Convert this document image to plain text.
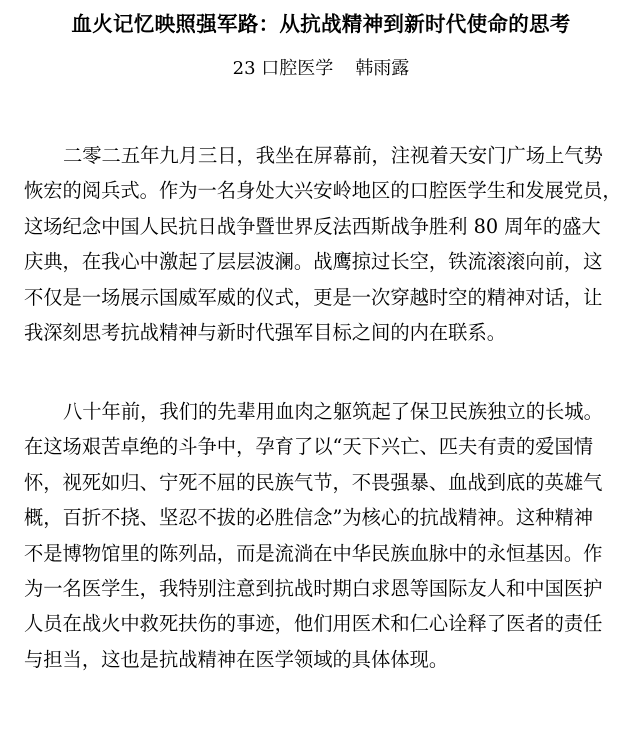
血火记忆映照强军路：从抗战精神到新时代使命的思考
23 口腔医学 韩雨露
二零二五年九月三日，我坐在屏幕前，注视着天安门广场上气势
恢宏的阅兵式。作为一名身处大兴安岭地区的口腔医学生和发展党员，
这场纪念中国人民抗日战争暨世界反法西斯战争胜利 80 周年的盛大
庆典，在我心中激起了层层波澜。战鹰掠过长空，铁流滚滚向前，这
不仅是一场展示国威军威的仪式，更是一次穿越时空的精神对话，让
我深刻思考抗战精神与新时代强军目标之间的内在联系。
八十年前，我们的先辈用血肉之躯筑起了保卫民族独立的长城。
在这场艰苦卓绝的斗争中，孕育了以“天下兴亡、匹夫有责的爱国情
怀，视死如归、宁死不屈的民族气节，不畏强暴、血战到底的英雄气
概，百折不挠、坚忍不拔的必胜信念”为核心的抗战精神。这种精神
不是博物馆里的陈列品，而是流淌在中华民族血脉中的永恒基因。作
为一名医学生，我特别注意到抗战时期白求恩等国际友人和中国医护
人员在战火中救死扶伤的事迹，他们用医术和仁心诠释了医者的责任
与担当，这也是抗战精神在医学领域的具体体现。
